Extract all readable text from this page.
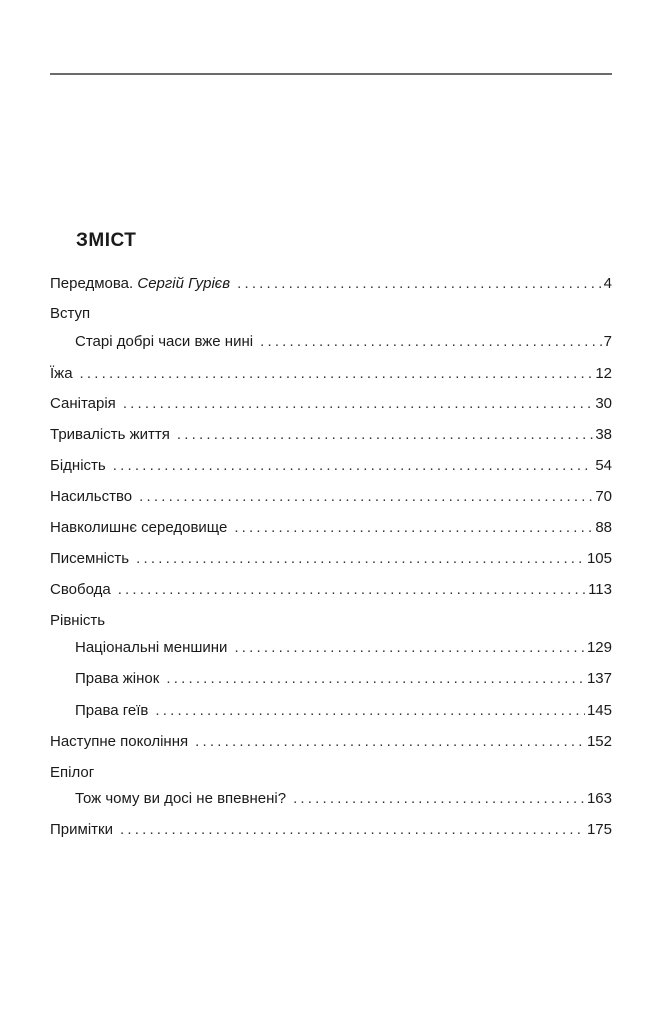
ЗМІСТ
Передмова. Сергій Гурієв .....	4
Вступ
Старі добрі часи вже нині .....	7
Їжа .....	12
Санітарія .....	30
Тривалість життя .....	38
Бідність .....	54
Насильство .....	70
Навколишнє середовище .....	88
Писемність .....	105
Свобода .....	113
Рівність
Національні меншини .....	129
Права жінок .....	137
Права геїв .....	145
Наступне покоління .....	152
Епілог
Тож чому ви досі не впевнені? .....	163
Примітки .....	175
